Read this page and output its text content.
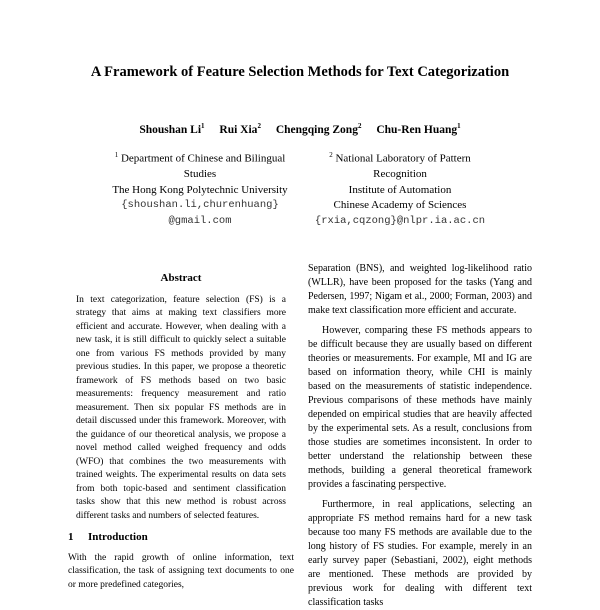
A Framework of Feature Selection Methods for Text Categorization
Shoushan Li$^1$ Rui Xia$^2$ Chengqing Zong$^2$ Chu-Ren Huang$^1$
$^1$ Department of Chinese and Bilingual
Studies
The Hong Kong Polytechnic University
{shoushan.li,churenhuang}
@gmail.com
$^2$ National Laboratory of Pattern
Recognition
Institute of Automation
Chinese Academy of Sciences
{rxia,cqzong}@nlpr.ia.ac.cn
Abstract

In text categorization, feature selection (FS) is a strategy that aims at making text classifiers more efficient and accurate. However, when dealing with a new task, it is still difficult to quickly select a suitable one from various FS methods provided by many previous studies. In this paper, we propose a theoretic framework of FS methods based on two basic measurements: frequency measurement and ratio measurement. Then six popular FS methods are in detail discussed under this framework. Moreover, with the guidance of our theoretical analysis, we propose a novel method called weighed frequency and odds (WFO) that combines the two measurements with trained weights. The experimental results on data sets from both topic-based and sentiment classification tasks show that this new method is robust across different tasks and numbers of selected features.

1 Introduction

With the rapid growth of online information, text classification, the task of assigning text documents to one or more predefined categories,

Separation (BNS), and weighted log-likelihood ratio (WLLR), have been proposed for the tasks (Yang and Pedersen, 1997; Nigam et al., 2000; Forman, 2003) and make text classification more efficient and accurate.

However, comparing these FS methods appears to be difficult because they are usually based on different theories or measurements. For example, MI and IG are based on information theory, while CHI is mainly based on the measurements of statistic independence. Previous comparisons of these methods have mainly depended on empirical studies that are heavily affected by the experimental sets. As a result, conclusions from those studies are sometimes inconsistent. In order to better understand the relationship between these methods, building a general theoretical framework provides a fascinating perspective.

Furthermore, in real applications, selecting an appropriate FS method remains hard for a new task because too many FS methods are available due to the long history of FS studies. For example, merely in an early survey paper (Sebastiani, 2002), eight methods are mentioned. These methods are provided by previous work for dealing with different text classification tasks
